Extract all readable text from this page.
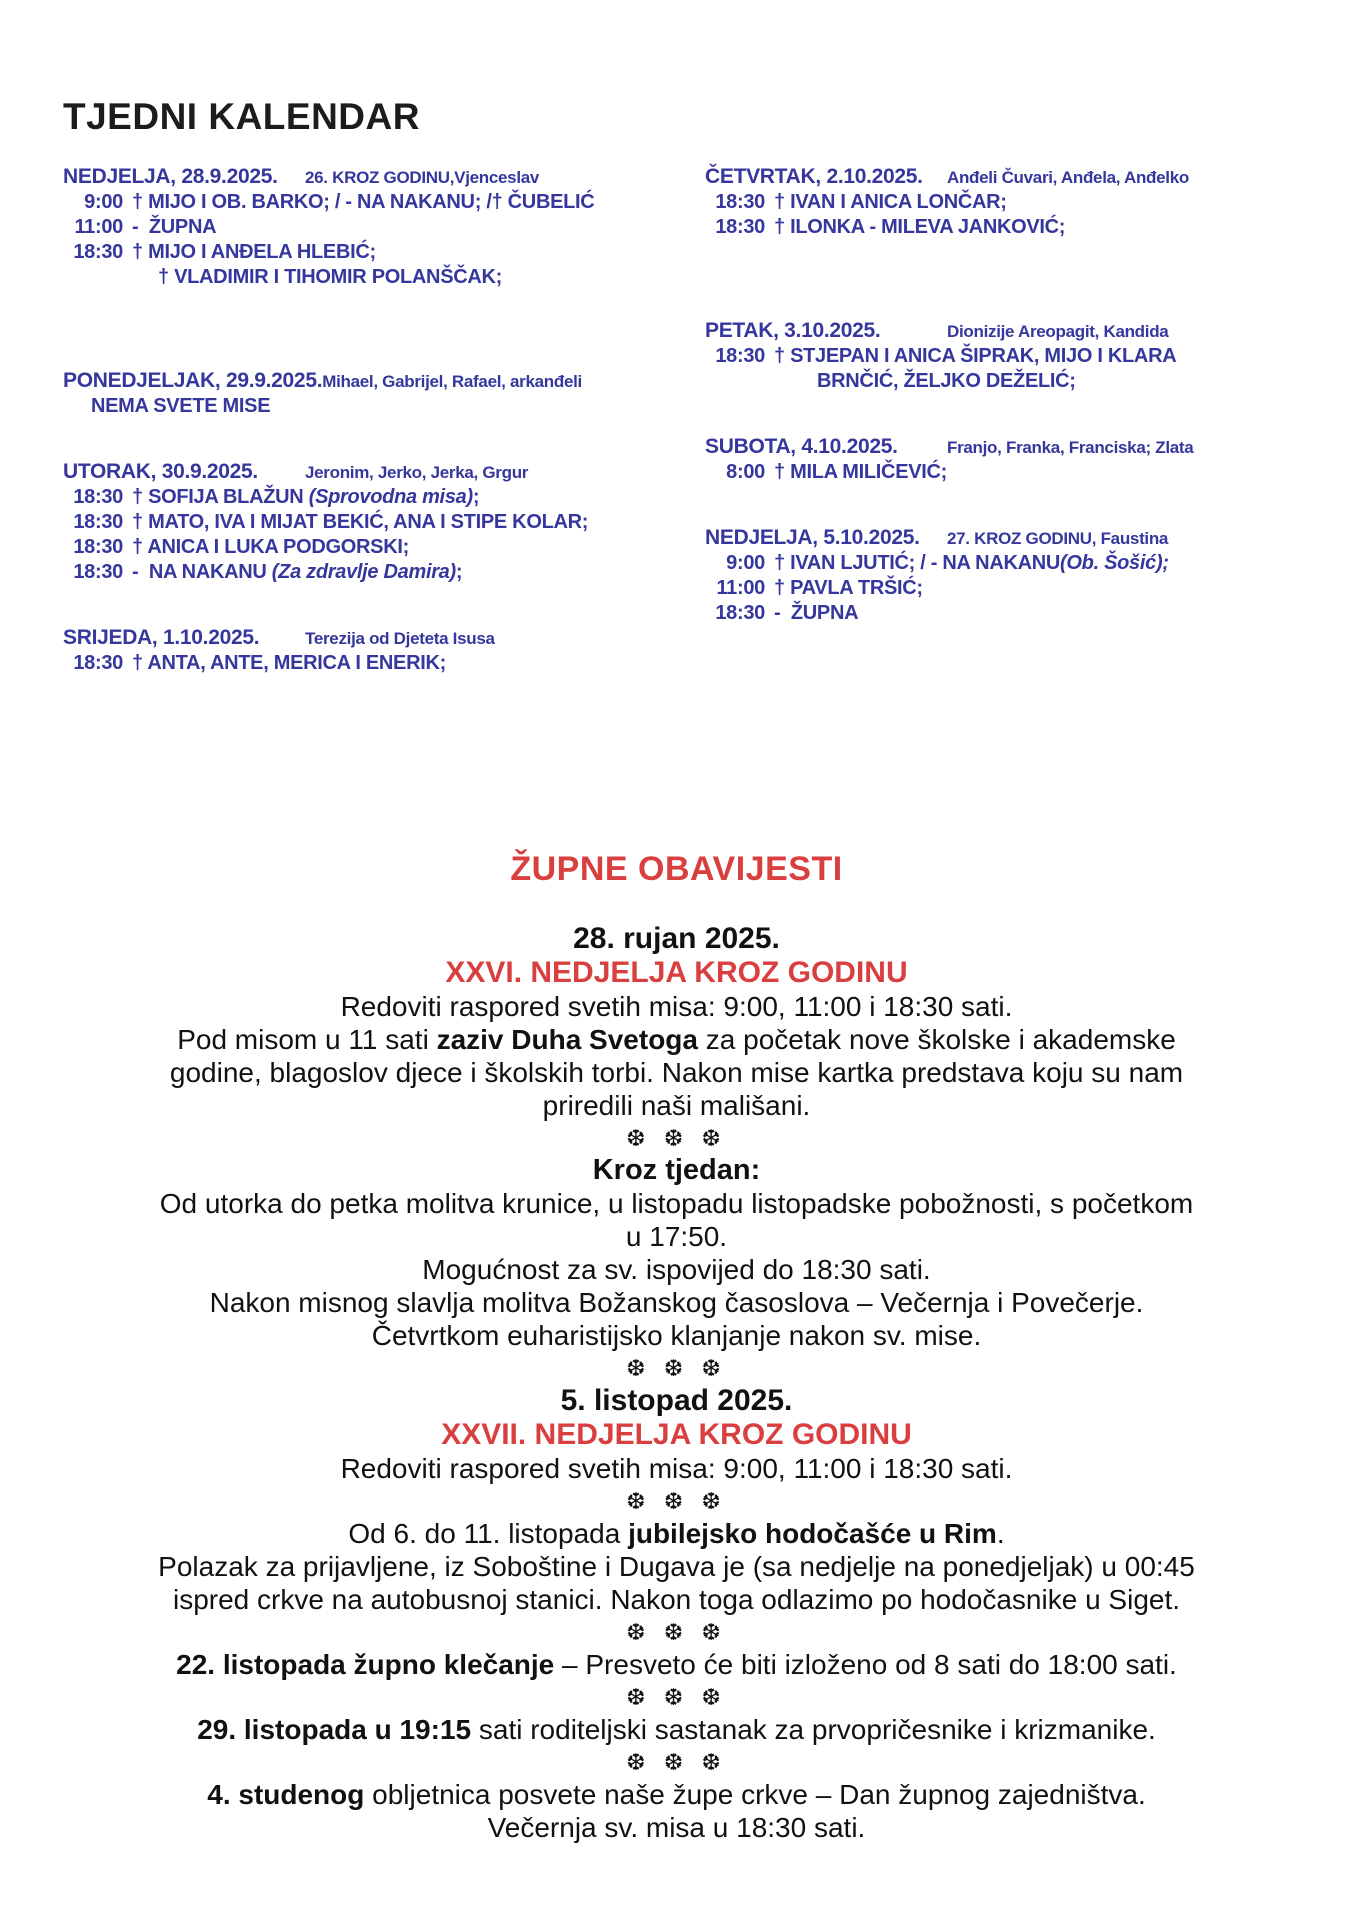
TJEDNI KALENDAR
NEDJELJA, 28.9.2025.	26. KROZ GODINU,Vjenceslav
9:00 † MIJO I OB. BARKO; / - NA NAKANU; /† ČUBELIĆ
11:00 -  ŽUPNA
18:30 † MIJO I ANĐELA HLEBIĆ;
† VLADIMIR I TIHOMIR POLANŠČAK;
PONEDJELJAK, 29.9.2025. Mihael, Gabrijel, Rafael, arkanđeli
NEMA SVETE MISE
UTORAK, 30.9.2025.	Jeronim, Jerko, Jerka, Grgur
18:30 † SOFIJA BLAŽUN (Sprovodna misa);
18:30 † MATO, IVA I MIJAT BEKIĆ, ANA I STIPE KOLAR;
18:30 † ANICA I LUKA PODGORSKI;
18:30 -  NA NAKANU (Za zdravlje Damira);
SRIJEDA, 1.10.2025.	Terezija od Djeteta Isusa
18:30 † ANTA, ANTE, MERICA I ENERIK;
ČETVRTAK, 2.10.2025.	Anđeli Čuvari, Anđela, Anđelko
18:30 † IVAN I ANICA LONČAR;
18:30 † ILONKA - MILEVA JANKOVIĆ;
PETAK, 3.10.2025.	Dionizije Areopagit, Kandida
18:30 † STJEPAN I ANICA ŠIPRAK, MIJO I KLARA
BRNČIĆ, ŽELJKO DEŽELIĆ;
SUBOTA, 4.10.2025.	Franjo, Franka, Franciska; Zlata
8:00 † MILA MILIČEVIĆ;
NEDJELJA, 5.10.2025.	27. KROZ GODINU, Faustina
9:00 † IVAN LJUTIĆ; / - NA NAKANU(Ob. Šošić);
11:00 † PAVLA TRŠIĆ;
18:30 -  ŽUPNA
ŽUPNE OBAVIJESTI
28. rujan 2025.
XXVI. NEDJELJA KROZ GODINU
Redoviti raspored svetih misa: 9:00, 11:00 i 18:30 sati.
Pod misom u 11 sati zaziv Duha Svetoga za početak nove školske i akademske
godine, blagoslov djece i školskih torbi. Nakon mise kartka predstava koju su nam
priredili naši mališani.
❆ ❆ ❆
Kroz tjedan:
Od utorka do petka molitva krunice, u listopadu listopadske pobožnosti, s početkom
u 17:50.
Mogućnost za sv. ispovijed do 18:30 sati.
Nakon misnog slavlja molitva Božanskog časoslova – Večernja i Povečerje.
Četvrtkom euharistijsko klanjanje nakon sv. mise.
❆ ❆ ❆
5. listopad 2025.
XXVII. NEDJELJA KROZ GODINU
Redoviti raspored svetih misa: 9:00, 11:00 i 18:30 sati.
❆ ❆ ❆
Od 6. do 11. listopada jubilejsko hodočašće u Rim.
Polazak za prijavljene, iz Soboštine i Dugava je (sa nedjelje na ponedjeljak) u 00:45
ispred crkve na autobusnoj stanici. Nakon toga odlazimo po hodočasnike u Siget.
❆ ❆ ❆
22. listopada župno klečanje – Presveto će biti izloženo od 8 sati do 18:00 sati.
❆ ❆ ❆
29. listopada u 19:15 sati roditeljski sastanak za prvopričesnike i krizmanike.
❆ ❆ ❆
4. studenog obljetnica posvete naše župe crkve – Dan župnog zajedništva.
Večernja sv. misa u 18:30 sati.
